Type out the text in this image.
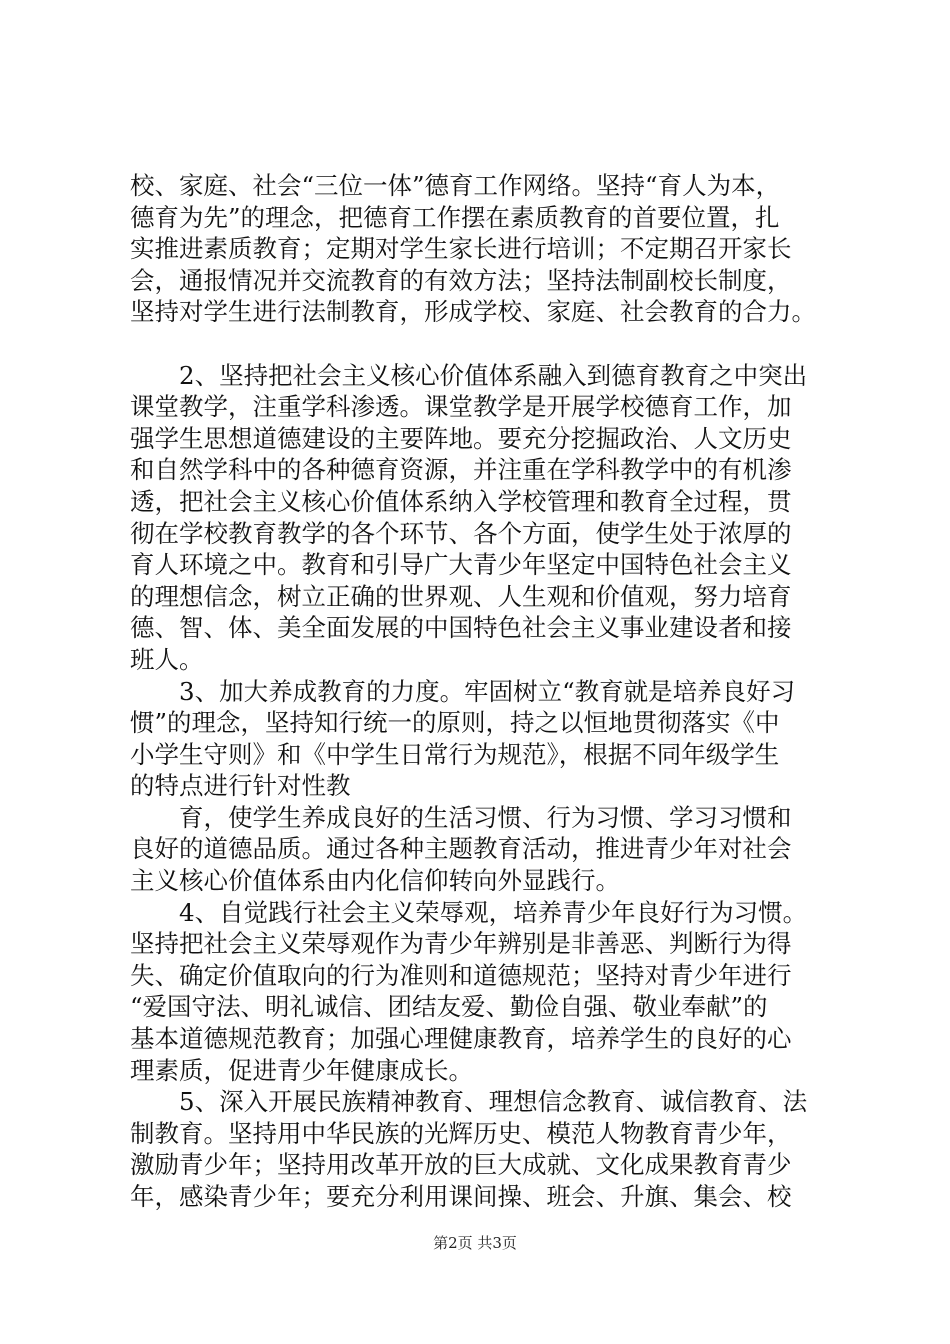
校、家庭、社会“三位一体”德育工作网络。坚持“育人为本，
德育为先”的理念，把德育工作摆在素质教育的首要位置，扎
实推进素质教育；定期对学生家长进行培训；不定期召开家长
会，通报情况并交流教育的有效方法；坚持法制副校长制度，
坚持对学生进行法制教育，形成学校、家庭、社会教育的合力。
　　2、坚持把社会主义核心价值体系融入到德育教育之中突出
课堂教学，注重学科渗透。课堂教学是开展学校德育工作，加
强学生思想道德建设的主要阵地。要充分挖掘政治、人文历史
和自然学科中的各种德育资源，并注重在学科教学中的有机渗
透，把社会主义核心价值体系纳入学校管理和教育全过程，贯
彻在学校教育教学的各个环节、各个方面，使学生处于浓厚的
育人环境之中。教育和引导广大青少年坚定中国特色社会主义
的理想信念，树立正确的世界观、人生观和价值观，努力培育
德、智、体、美全面发展的中国特色社会主义事业建设者和接
班人。
　　3、加大养成教育的力度。牢固树立“教育就是培养良好习
惯”的理念，坚持知行统一的原则，持之以恒地贯彻落实《中
小学生守则》和《中学生日常行为规范》，根据不同年级学生
的特点进行针对性教
　　育，使学生养成良好的生活习惯、行为习惯、学习习惯和
良好的道德品质。通过各种主题教育活动，推进青少年对社会
主义核心价值体系由内化信仰转向外显践行。
　　4、自觉践行社会主义荣辱观，培养青少年良好行为习惯。
坚持把社会主义荣辱观作为青少年辨别是非善恶、判断行为得
失、确定价值取向的行为准则和道德规范；坚持对青少年进行
“爱国守法、明礼诚信、团结友爱、勤俭自强、敬业奉献”的
基本道德规范教育；加强心理健康教育，培养学生的良好的心
理素质，促进青少年健康成长。
　　5、深入开展民族精神教育、理想信念教育、诚信教育、法
制教育。坚持用中华民族的光辉历史、模范人物教育青少年，
激励青少年；坚持用改革开放的巨大成就、文化成果教育青少
年，感染青少年；要充分利用课间操、班会、升旗、集会、校
第2页 共3页
